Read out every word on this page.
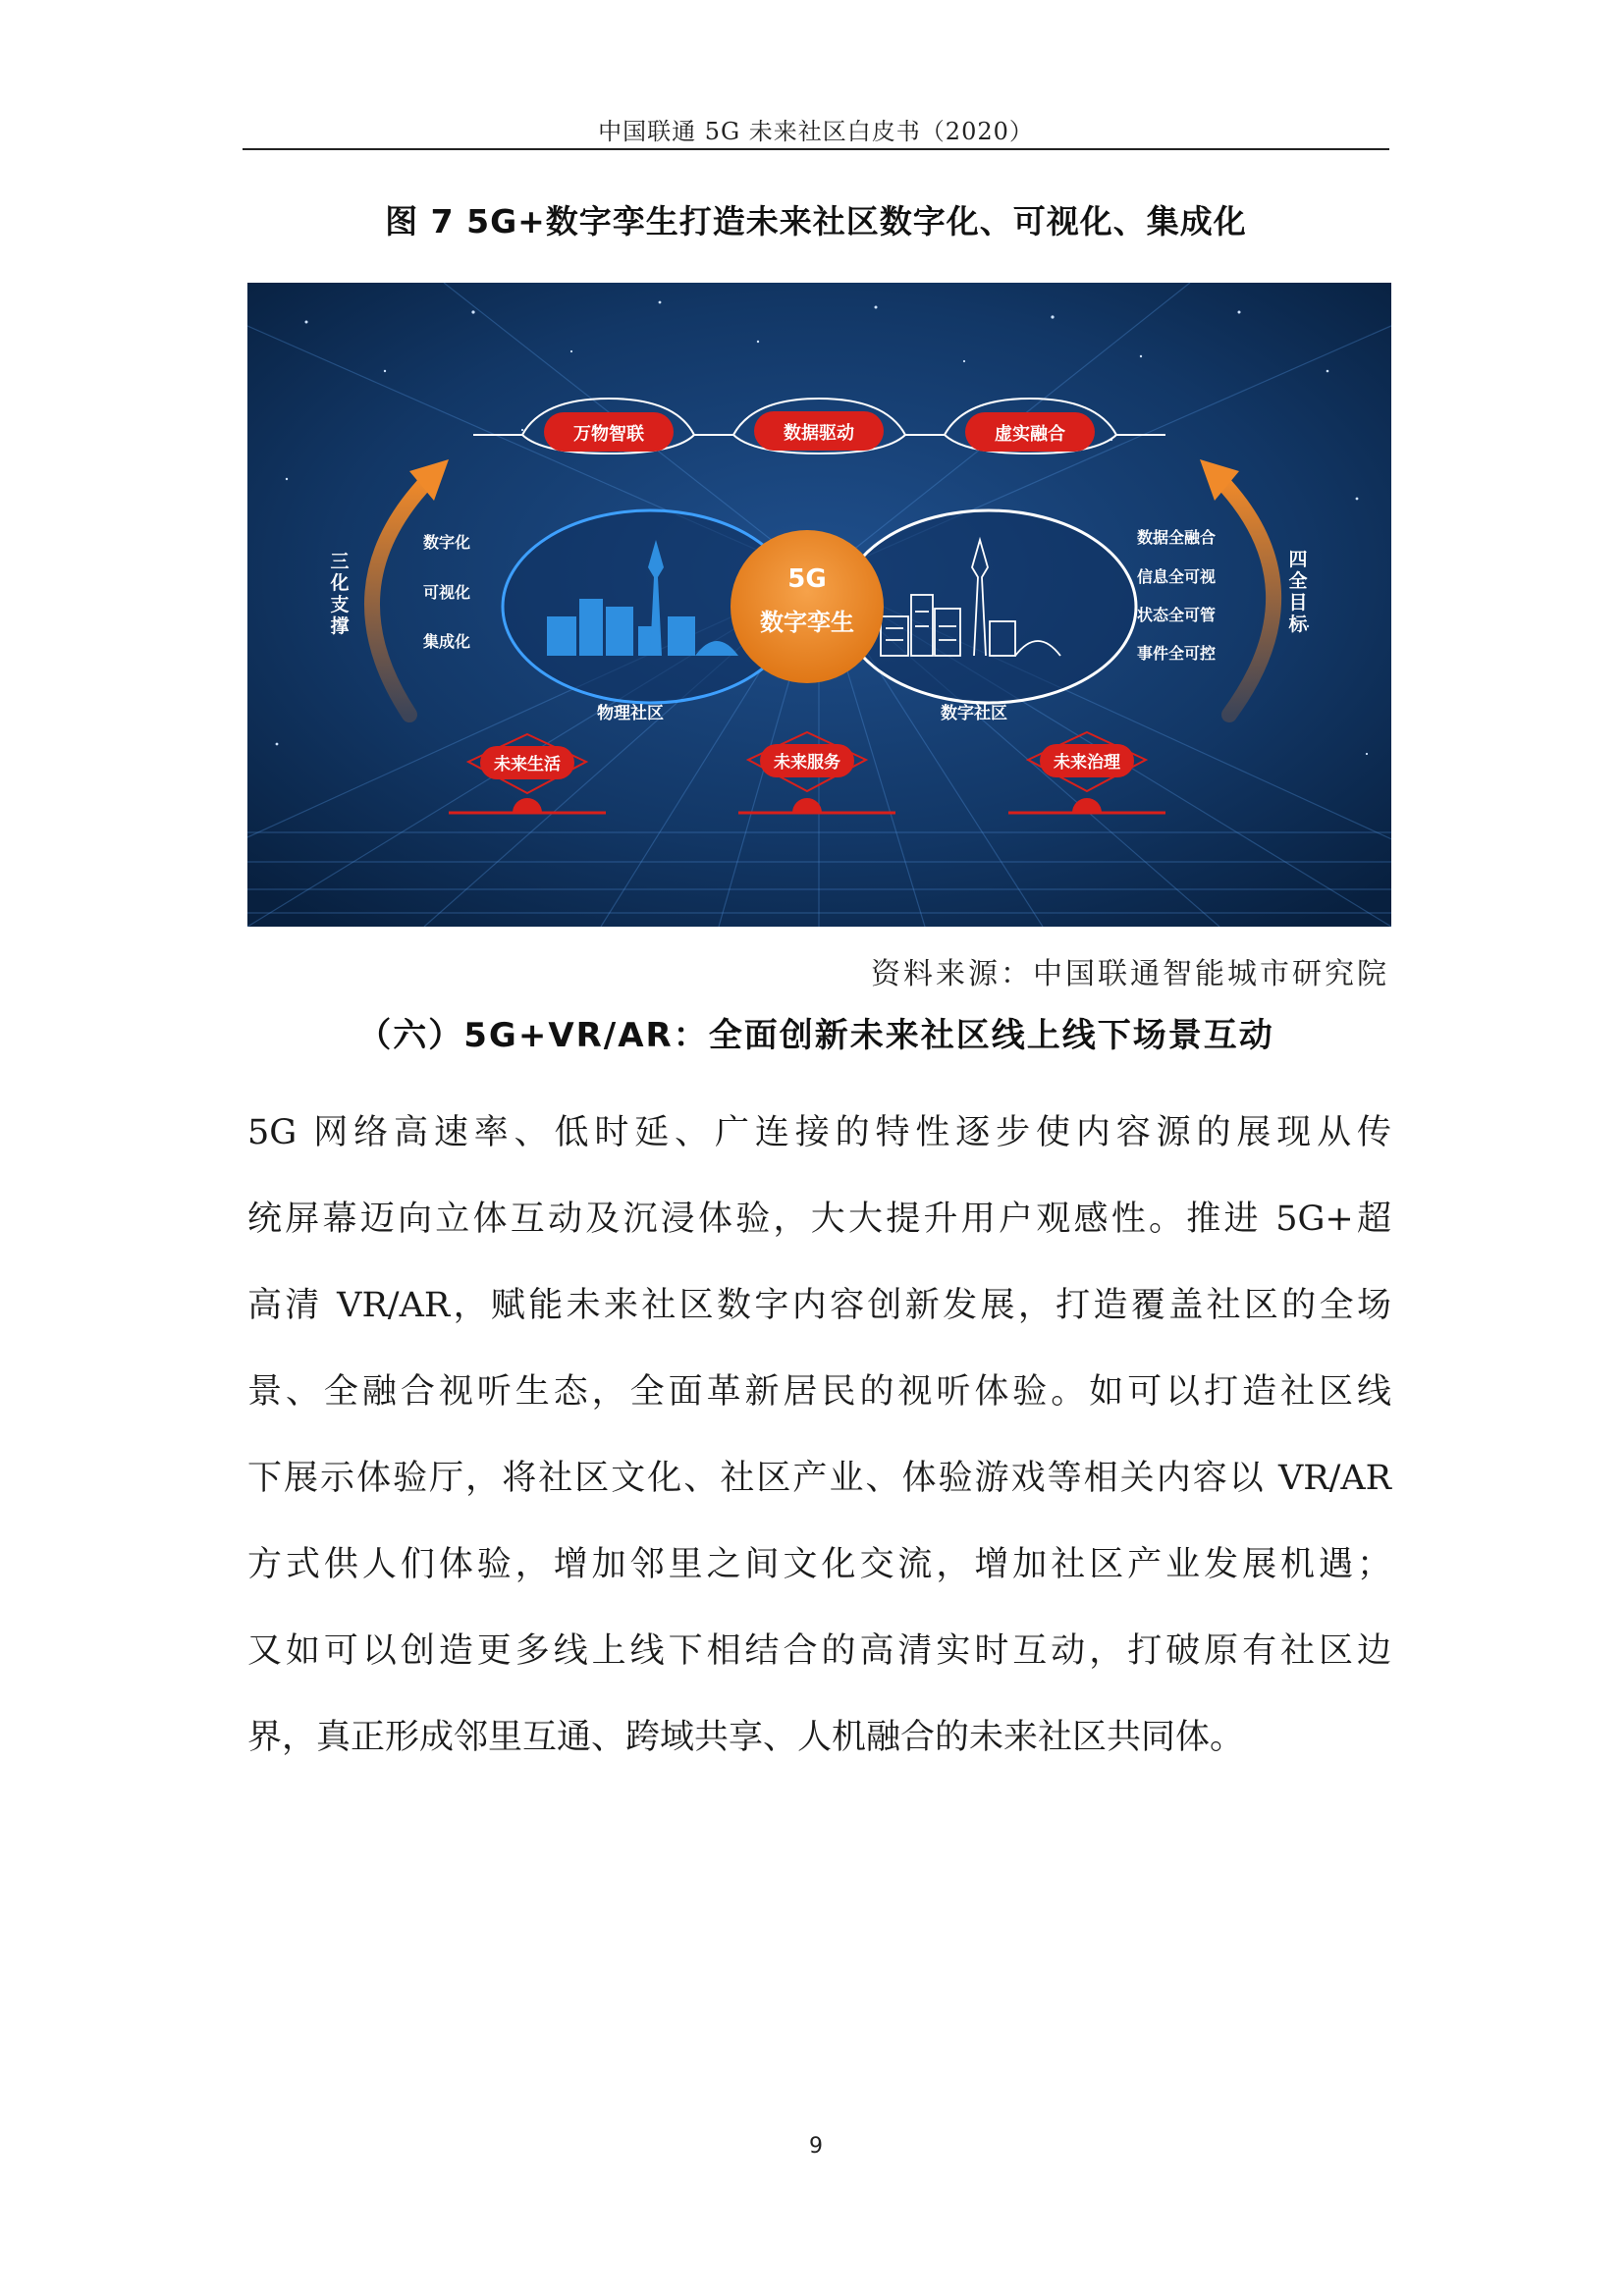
中国联通 5G 未来社区白皮书（2020）
图 7 5G+数字孪生打造未来社区数字化、可视化、集成化
万物智联	数据驱动	虚实融合
三
化
支
撑
数字化
可视化
集成化
四
全
目
标
数据全融合
信息全可视
状态全可管
事件全可控
物理社区	数字社区
5G
数字孪生
未来生活	未来服务	未来治理
资料来源：中国联通智能城市研究院
（六）5G+VR/AR：全面创新未来社区线上线下场景互动
5G 网络高速率、低时延、广连接的特性逐步使内容源的展现从传
统屏幕迈向立体互动及沉浸体验，大大提升用户观感性。推进 5G+超
高清 VR/AR，赋能未来社区数字内容创新发展，打造覆盖社区的全场
景、全融合视听生态，全面革新居民的视听体验。如可以打造社区线
下展示体验厅，将社区文化、社区产业、体验游戏等相关内容以 VR/AR
方式供人们体验，增加邻里之间文化交流，增加社区产业发展机遇；
又如可以创造更多线上线下相结合的高清实时互动，打破原有社区边
界，真正形成邻里互通、跨域共享、人机融合的未来社区共同体。
9
